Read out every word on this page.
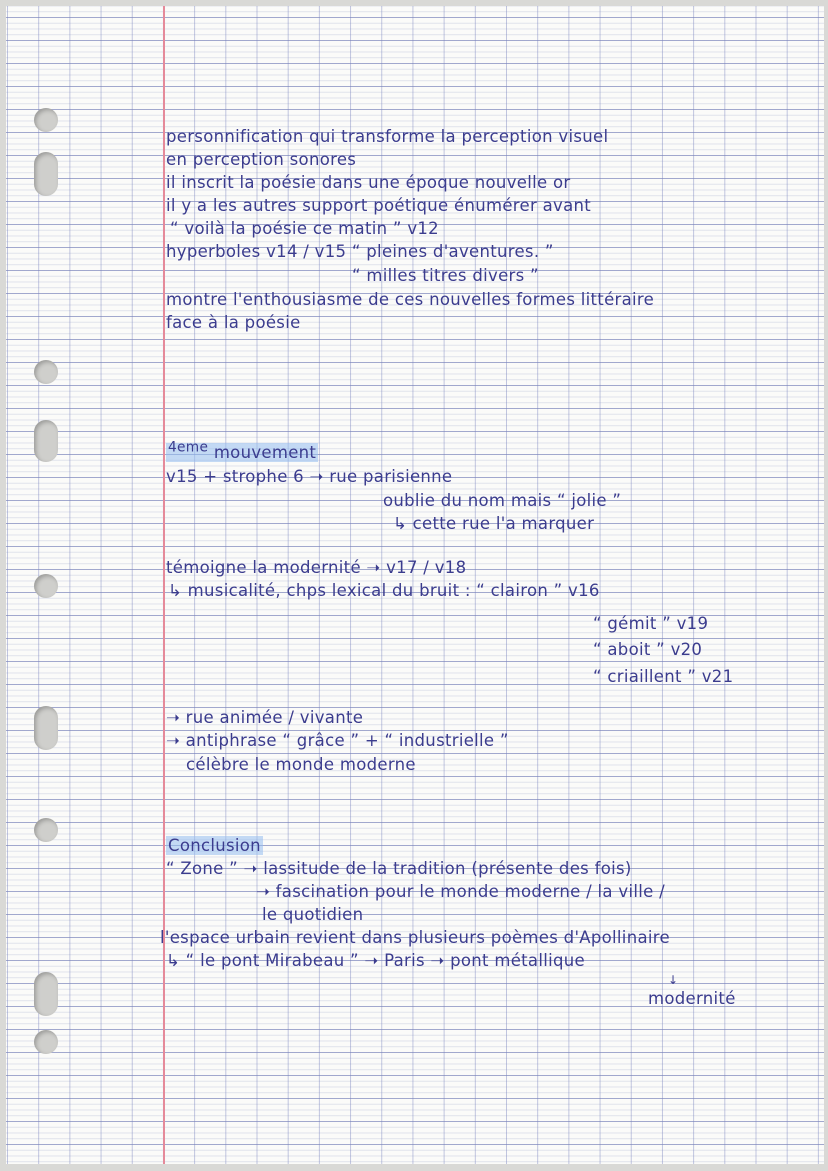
personnification qui transforme la perception visuel
en perception sonores
il inscrit la poésie dans une époque nouvelle or
il y a les autres support poétique énumérer avant
“ voilà la poésie ce matin ” v12
hyperboles v14 / v15 “ pleines d'aventures. ”
“ milles titres divers ”
montre l'enthousiasme de ces nouvelles formes littéraire
face à la poésie
$^{4eme}$ mouvement
v15 + strophe 6 ➝ rue parisienne
oublie du nom mais “ jolie ”
↳ cette rue l'a marquer
témoigne la modernité ➝ v17 / v18
↳ musicalité, chps lexical du bruit : “ clairon ” v16
“ gémit ” v19
“ aboit ” v20
“ criaillent ” v21
➝ rue animée / vivante
➝ antiphrase “ grâce ” + “ industrielle ”
célèbre le monde moderne
Conclusion
“ Zone ” ➝ lassitude de la tradition (présente des fois)
➝ fascination pour le monde moderne / la ville /
le quotidien
l'espace urbain revient dans plusieurs poèmes d'Apollinaire
↳ “ le pont Mirabeau ” ➝ Paris ➝ pont métallique
↓
modernité
